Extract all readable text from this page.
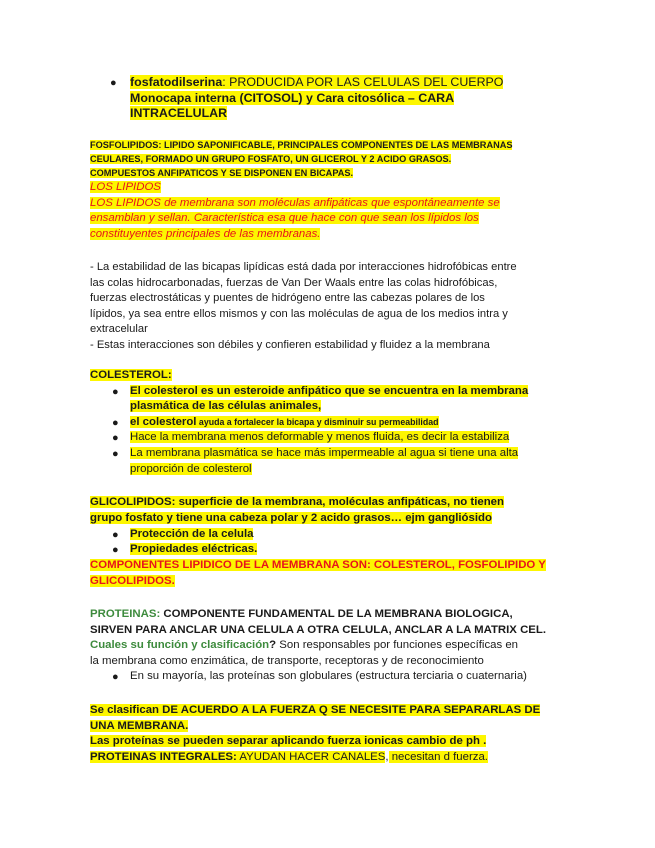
● fosfatodilserina: PRODUCIDA POR LAS CELULAS DEL CUERPO
Monocapa interna (CITOSOL) y Cara citosólica – CARA
INTRACELULAR
FOSFOLIPIDOS: LIPIDO SAPONIFICABLE, PRINCIPALES COMPONENTES DE LAS MEMBRANAS
CEULARES, FORMADO UN GRUPO FOSFATO, UN GLICEROL Y 2 ACIDO GRASOS.
COMPUESTOS ANFIPATICOS Y SE DISPONEN EN BICAPAS.
LOS LIPIDOS
LOS LIPIDOS de membrana son moléculas anfipáticas que espontáneamente se
ensamblan y sellan. Característica esa que hace con que sean los lípidos los
constituyentes principales de las membranas.
- La estabilidad de las bicapas lipídicas está dada por interacciones hidrofóbicas entre
las colas hidrocarbonadas, fuerzas de Van Der Waals entre las colas hidrofóbicas,
fuerzas electrostáticas y puentes de hidrógeno entre las cabezas polares de los
lípidos, ya sea entre ellos mismos y con las moléculas de agua de los medios intra y
extracelular
- Estas interacciones son débiles y confieren estabilidad y fluidez a la membrana
COLESTEROL:
● El colesterol es un esteroide anfipático que se encuentra en la membrana
plasmática de las células animales,
● el colesterol ayuda a fortalecer la bicapa y disminuir su permeabilidad
● Hace la membrana menos deformable y menos fluida, es decir la estabiliza
● La membrana plasmática se hace más impermeable al agua si tiene una alta
proporción de colesterol
GLICOLIPIDOS: superficie de la membrana, moléculas anfipáticas, no tienen
grupo fosfato y tiene una cabeza polar y 2 acido grasos… ejm gangliósido
● Protección de la celula
● Propiedades eléctricas.
COMPONENTES LIPIDICO DE LA MEMBRANA SON: COLESTEROL, FOSFOLIPIDO Y
GLICOLIPIDOS.
PROTEINAS: COMPONENTE FUNDAMENTAL DE LA MEMBRANA BIOLOGICA,
SIRVEN PARA ANCLAR UNA CELULA A OTRA CELULA, ANCLAR A LA MATRIX CEL.
Cuales su función y clasificación? Son responsables por funciones específicas en
la membrana como enzimática, de transporte, receptoras y de reconocimiento
● En su mayoría, las proteínas son globulares (estructura terciaria o cuaternaria)
Se clasifican DE ACUERDO A LA FUERZA Q SE NECESITE PARA SEPARARLAS DE
UNA MEMBRANA.
Las proteínas se pueden separar aplicando fuerza ionicas cambio de ph .
PROTEINAS INTEGRALES: AYUDAN HACER CANALES, necesitan d fuerza.
